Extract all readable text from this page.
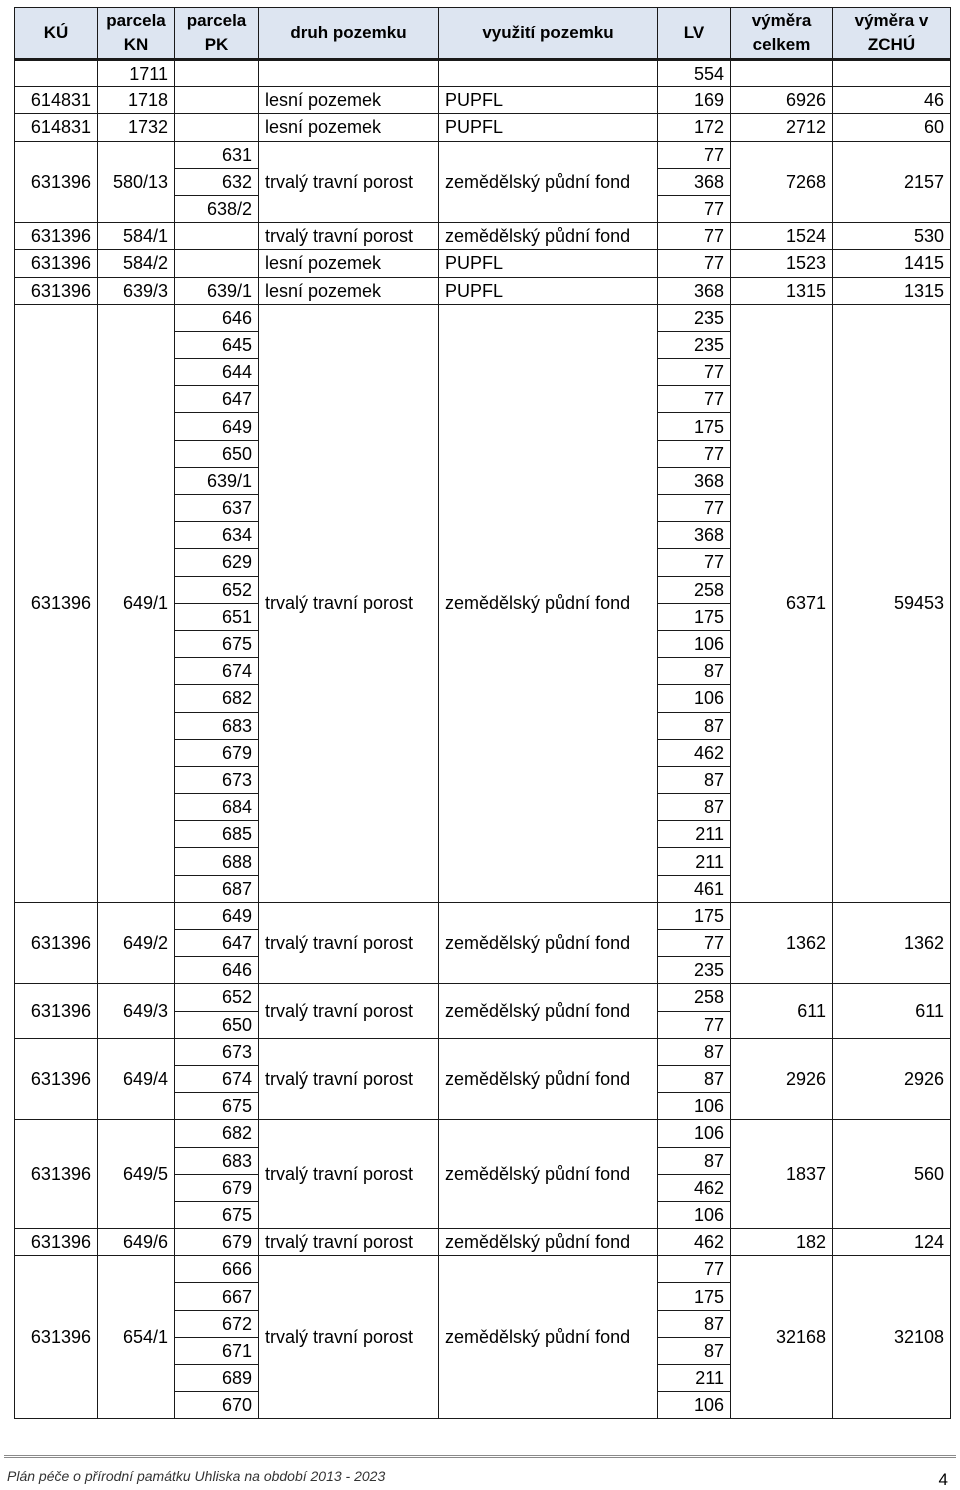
KÚ	parcela KN	parcela PK	druh pozemku	využití pozemku	LV	výměra celkem	výměra v ZCHÚ
	1711				554		
614831	1718		lesní pozemek	PUPFL	169	6926	46
614831	1732		lesní pozemek	PUPFL	172	2712	60
631396	580/13	631	trvalý travní porost	zemědělský půdní fond	77	7268	2157
		632			368		
		638/2			77		
631396	584/1		trvalý travní porost	zemědělský půdní fond	77	1524	530
631396	584/2		lesní pozemek	PUPFL	77	1523	1415
631396	639/3	639/1	lesní pozemek	PUPFL	368	1315	1315
631396	649/1	646	trvalý travní porost	zemědělský půdní fond	235	6371	59453
		645			235		
		644			77		
		647			77		
		649			175		
		650			77		
		639/1			368		
		637			77		
		634			368		
		629			77		
		652			258		
		651			175		
		675			106		
		674			87		
		682			106		
		683			87		
		679			462		
		673			87		
		684			87		
		685			211		
		688			211		
		687			461		
631396	649/2	649	trvalý travní porost	zemědělský půdní fond	175	1362	1362
		647			77		
		646			235		
631396	649/3	652	trvalý travní porost	zemědělský půdní fond	258	611	611
		650			77		
631396	649/4	673	trvalý travní porost	zemědělský půdní fond	87	2926	2926
		674			87		
		675			106		
631396	649/5	682	trvalý travní porost	zemědělský půdní fond	106	1837	560
		683			87		
		679			462		
		675			106		
631396	649/6	679	trvalý travní porost	zemědělský půdní fond	462	182	124
631396	654/1	666	trvalý travní porost	zemědělský půdní fond	77	32168	32108
		667			175		
		672			87		
		671			87		
		689			211		
		670			106		
Plán péče o přírodní památku Uhliska na období 2013 - 2023	4
